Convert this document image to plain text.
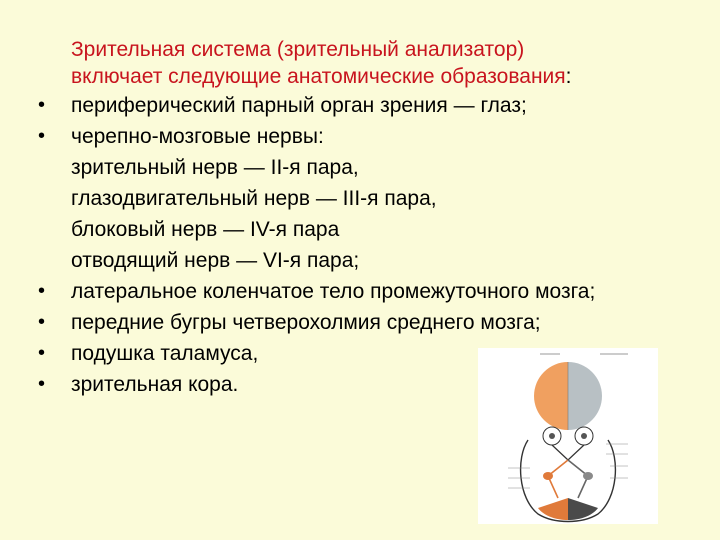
Зрительная система (зрительный анализатор)
включает следующие анатомические образования:
• периферический парный орган зрения — глаз;
• черепно-мозговые нервы:
зрительный нерв — II-я пара,
глазодвигательный нерв — III-я пара,
блоковый нерв — IV-я пара
отводящий нерв — VI-я пара;
• латеральное коленчатое тело промежуточного мозга;
• передние бугры четверохолмия среднего мозга;
• подушка таламуса,
• зрительная кора.
